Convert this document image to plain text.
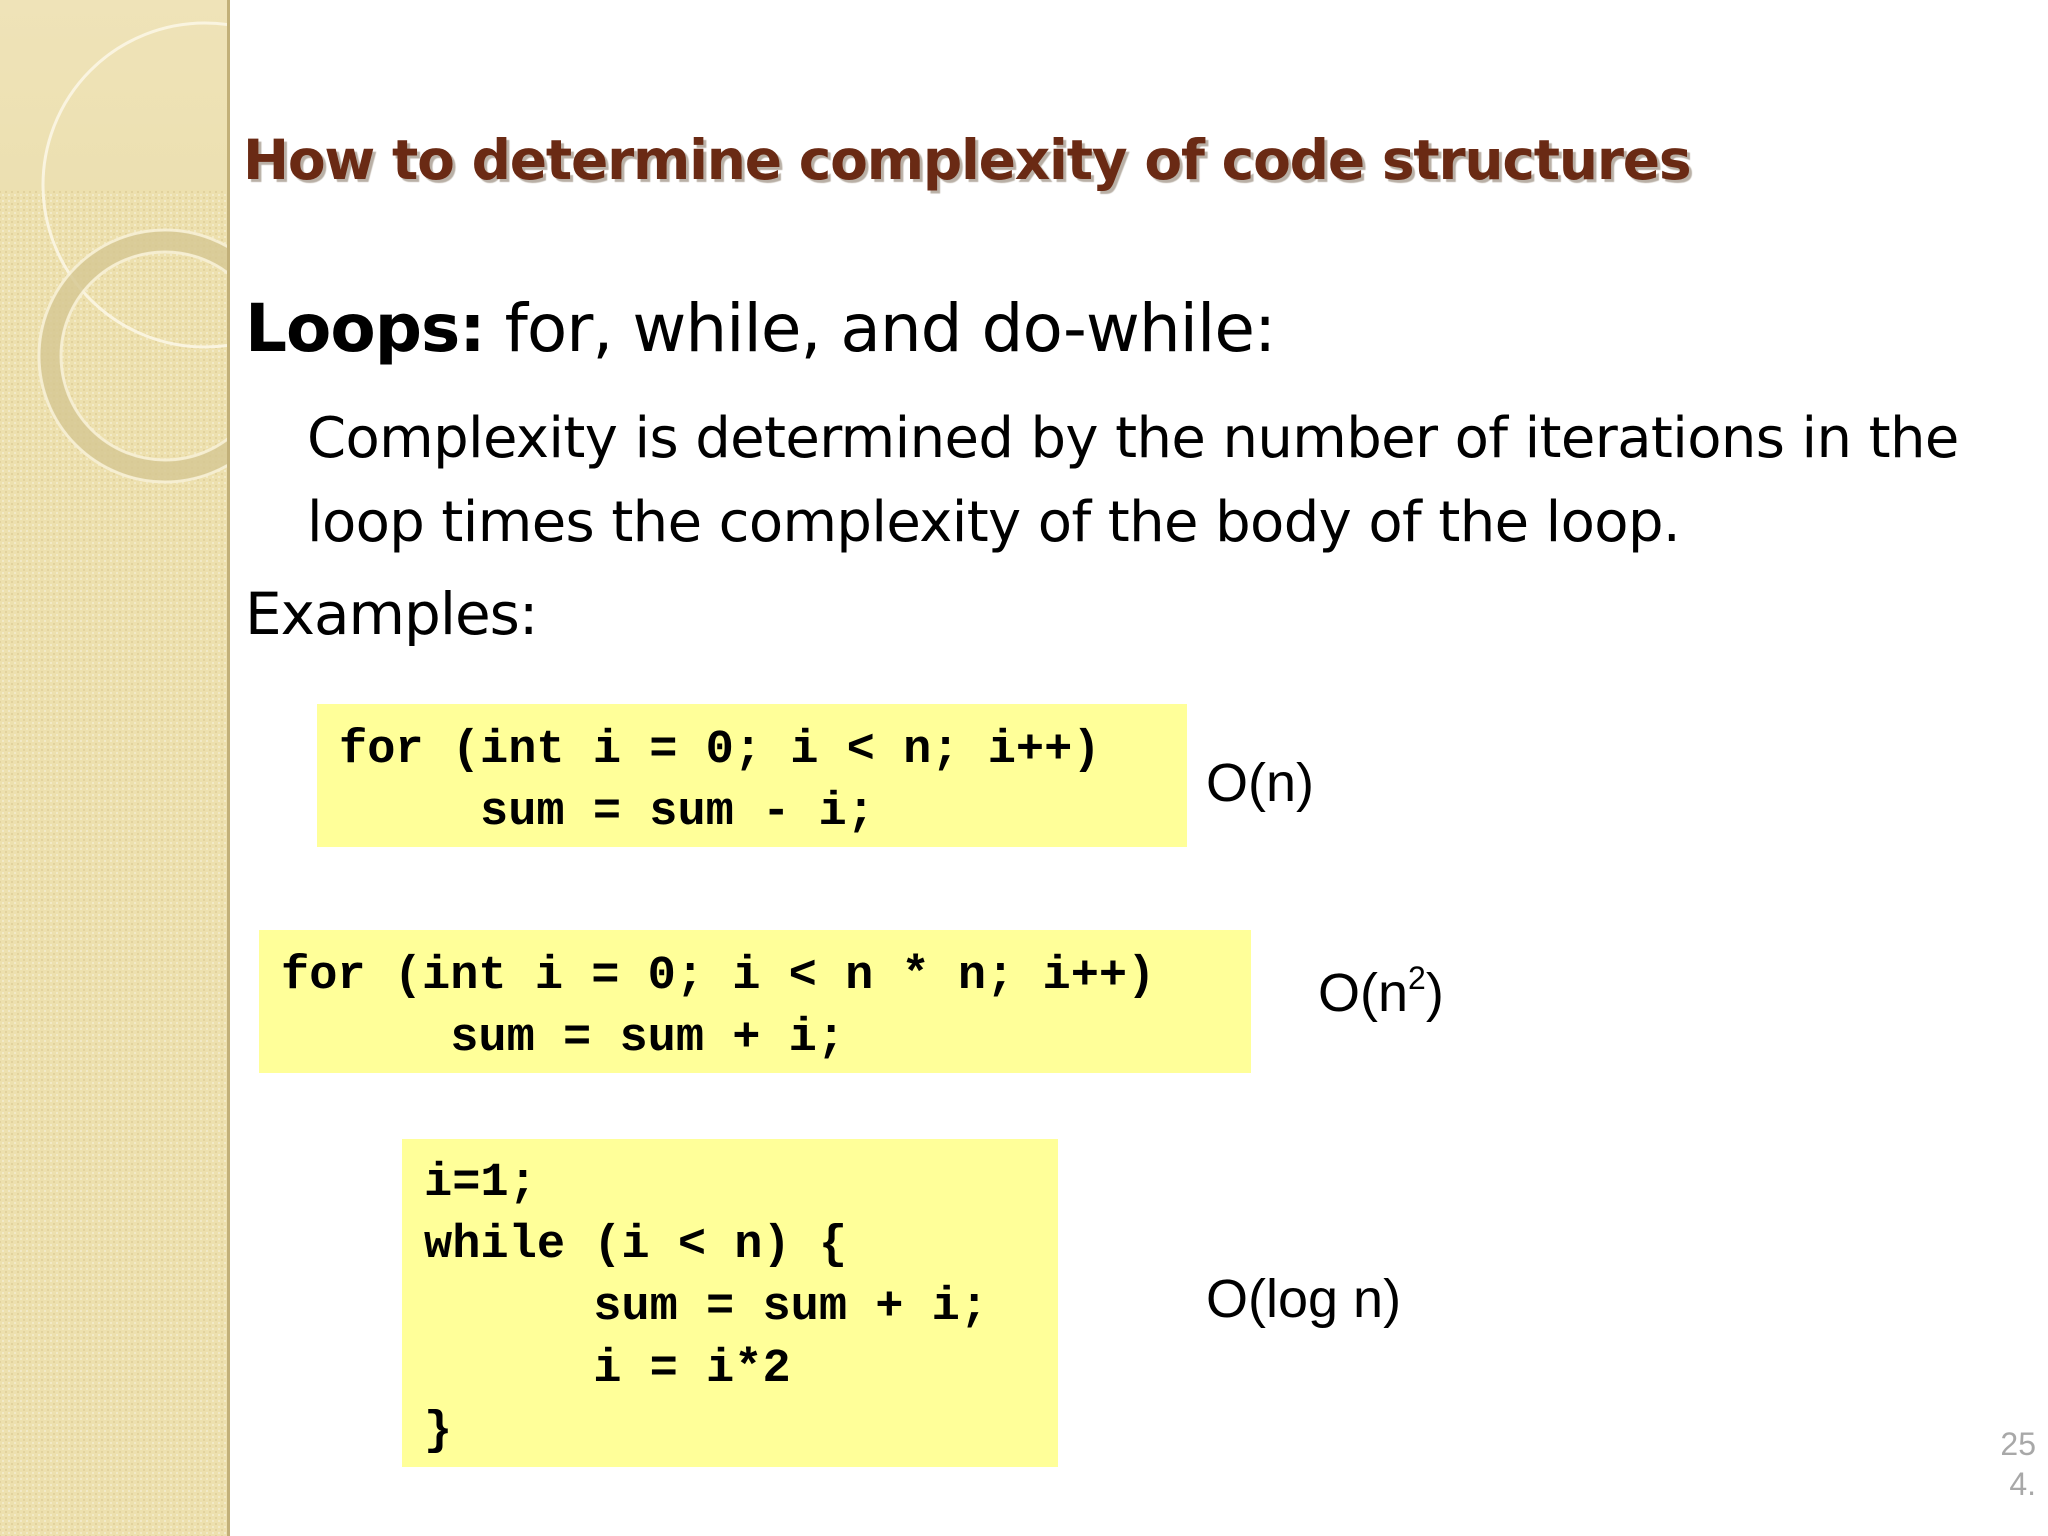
How to determine complexity of code structures

Loops: for, while, and do-while:

Complexity is determined by the number of iterations in the
loop times the complexity of the body of the loop.

Examples:

for (int i = 0; i < n; i++)
sum = sum - i;	O(n)
for (int i = 0; i < n * n; i++)
sum = sum + i;
$O(n^2)$
i=1;
while (i < n) {
sum = sum + i;
i = i*2
}
O(log n)
25
4.
